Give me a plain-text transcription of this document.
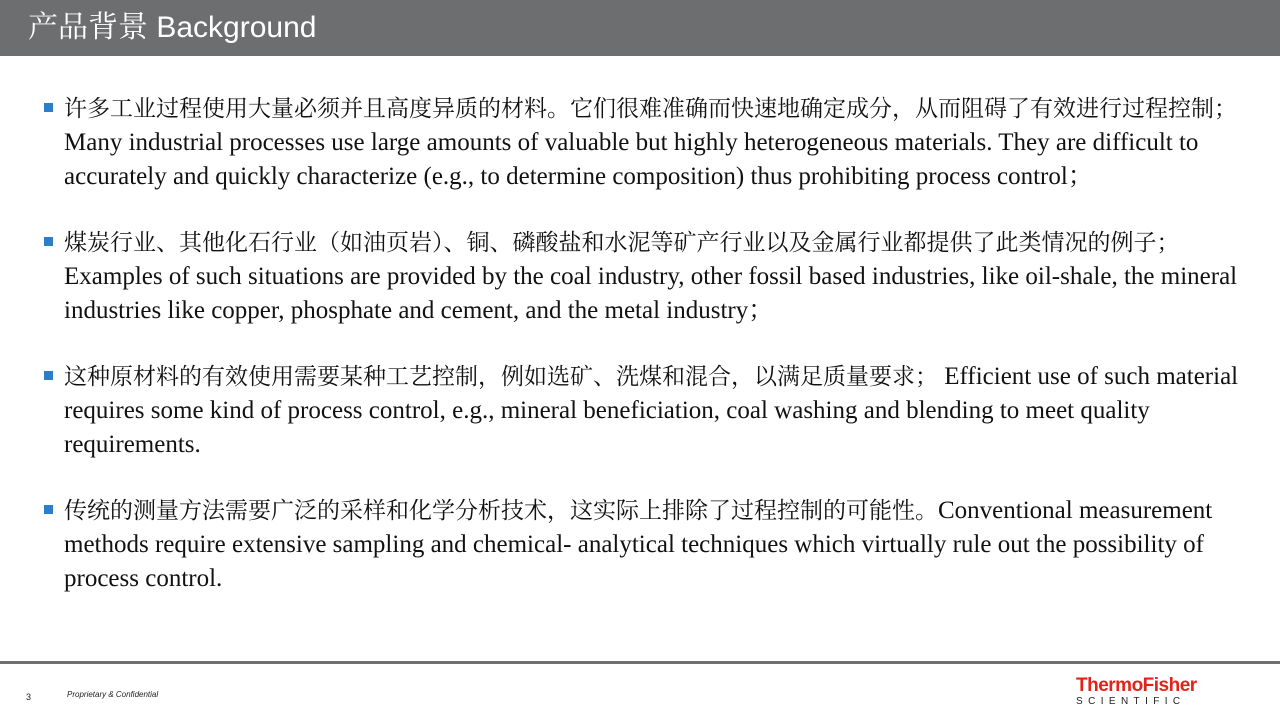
产品背景 Background
许多工业过程使用大量必须并且高度异质的材料。它们很难准确而快速地确定成分，从而阻碍了有效进行过程控制；Many industrial processes use large amounts of valuable but highly heterogeneous materials. They are difficult to accurately and quickly characterize (e.g., to determine composition) thus prohibiting process control；
煤炭行业、其他化石行业（如油页岩）、铜、磷酸盐和水泥等矿产行业以及金属行业都提供了此类情况的例子； Examples of such situations are provided by the coal industry, other fossil based industries, like oil-shale, the mineral industries like copper, phosphate and cement, and the metal industry；
这种原材料的有效使用需要某种工艺控制，例如选矿、洗煤和混合，以满足质量要求； Efficient use of such material requires some kind of process control, e.g., mineral beneficiation, coal washing and blending to meet quality requirements.
传统的测量方法需要广泛的采样和化学分析技术，这实际上排除了过程控制的可能性。Conventional measurement methods require extensive sampling and chemical- analytical techniques which virtually rule out the possibility of process control.
3	Proprietary & Confidential	ThermoFisher
SCIENTIFIC
